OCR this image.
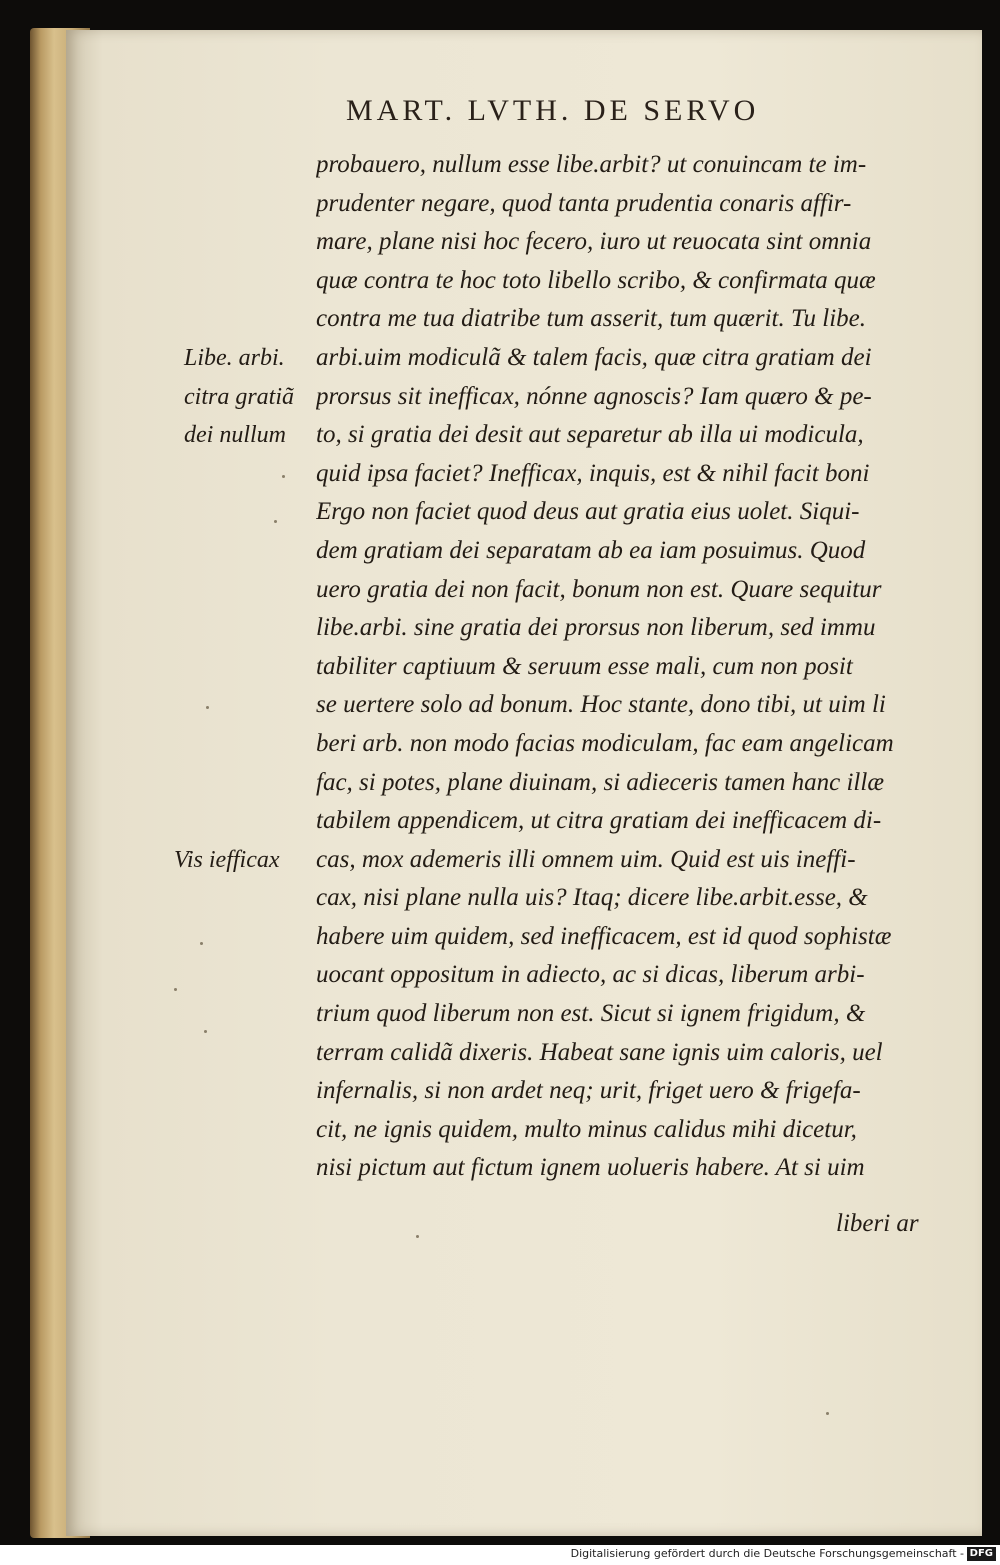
MART. LVTH. DE SERVO
Libe. arbi.
citra gratiã
dei nullum
Vis iefficax
probauero, nullum esse libe.arbit? ut conuincam te im-
prudenter negare, quod tanta prudentia conaris affir-
mare, plane nisi hoc fecero, iuro ut reuocata sint omnia
quæ contra te hoc toto libello scribo, & confirmata quæ
contra me tua diatribe tum asserit, tum quærit. Tu libe.
arbi.uim modiculã & talem facis, quæ citra gratiam dei
prorsus sit inefficax, nónne agnoscis? Iam quæro & pe-
to, si gratia dei desit aut separetur ab illa ui modicula,
quid ipsa faciet? Inefficax, inquis, est & nihil facit boni
Ergo non faciet quod deus aut gratia eius uolet. Siqui-
dem gratiam dei separatam ab ea iam posuimus. Quod
uero gratia dei non facit, bonum non est. Quare sequitur
libe.arbi. sine gratia dei prorsus non liberum, sed immu
tabiliter captiuum & seruum esse mali, cum non posit
se uertere solo ad bonum. Hoc stante, dono tibi, ut uim li
beri arb. non modo facias modiculam, fac eam angelicam
fac, si potes, plane diuinam, si adieceris tamen hanc illæ
tabilem appendicem, ut citra gratiam dei inefficacem di-
cas, mox ademeris illi omnem uim. Quid est uis ineffi-
cax, nisi plane nulla uis? Itaq; dicere libe.arbit.esse, &
habere uim quidem, sed inefficacem, est id quod sophistæ
uocant oppositum in adiecto, ac si dicas, liberum arbi-
trium quod liberum non est. Sicut si ignem frigidum, &
terram calidã dixeris. Habeat sane ignis uim caloris, uel
infernalis, si non ardet neq; urit, friget uero & frigefa-
cit, ne ignis quidem, multo minus calidus mihi dicetur,
nisi pictum aut fictum ignem uolueris habere. At si uim
liberi ar
Digitalisierung gefördert durch die Deutsche Forschungsgemeinschaft - DFG
